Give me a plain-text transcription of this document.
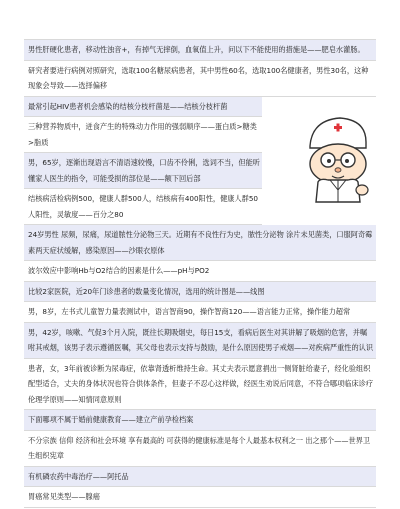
男性肝硬化患者，移动性浊音+，有掉气无摔倒，血氧值上升，问以下不能使用的措施是——肥皂水灌肠。
研究者要进行病例对照研究，选取100名糖尿病患者，其中男性60名，选取100名健康者，男性30名，这种现象会导致——选择偏移
最常引起HIV患者机会感染的结核分枝杆菌是——结核分枝杆菌
三种营养物质中，迸食产生的特殊动力作用的强弱顺序——蛋白质>糖类>脂质
男，65岁，逐渐出现语言不清语速较慢，口齿不伶俐，选词不当，但能听懂家人医生的指令，可能受损的部位是——额下回后部
结核病活检病例500，健康人群500人，结核病有400阳性，健康人群50人阳性，灵敏度——百分之80
24岁男性 尿频，尿痛，尿道脓性分泌物三天。近期有不良性行为史，脓性分泌物 涂片未见菌类，口服阿奇霉素两天症状缓解，感染原因——沙眼衣原体
波尔效应中影响Hb与O2结合的因素是什么——pH与PO2
比较2家医院，近20年门诊患者的数量变化情况，选用的统计图是——线图
男，8岁，左书式儿童智力量表测试中，语言智商90，操作智商120——语言能力正常，操作能力超常
男，42岁，咳嗽、气促3个月入院，既往长期吸烟史，每日15支，看病后医生对其讲解了吸烟的危害，并嘱咐其戒烟，该男子表示遵循医嘱，其父母也表示支持与鼓励，是什么原因使男子戒烟——对疾病严重性的认识
患者，女，3年前被诊断为尿毒症，依靠肾透析维持生命。其丈夫表示愿意捐出一侧肾脏给妻子，经化验组织配型适合，丈夫的身体状况也符合供体条件，但妻子不忍心这样做，经医生劝说后同意，不符合哪项临床诊疗伦理学原则——知情同意原则
下面哪项不属于婚前健康教育——建立产前孕检档案
不分宗族 信仰 经济和社会环境 享有最高的 可获得的健康标准是每个人最基本权利之一 出之那个——世界卫生组织宪章
有机磷农药中毒治疗——阿托品
胃癌常见类型——腺癌
